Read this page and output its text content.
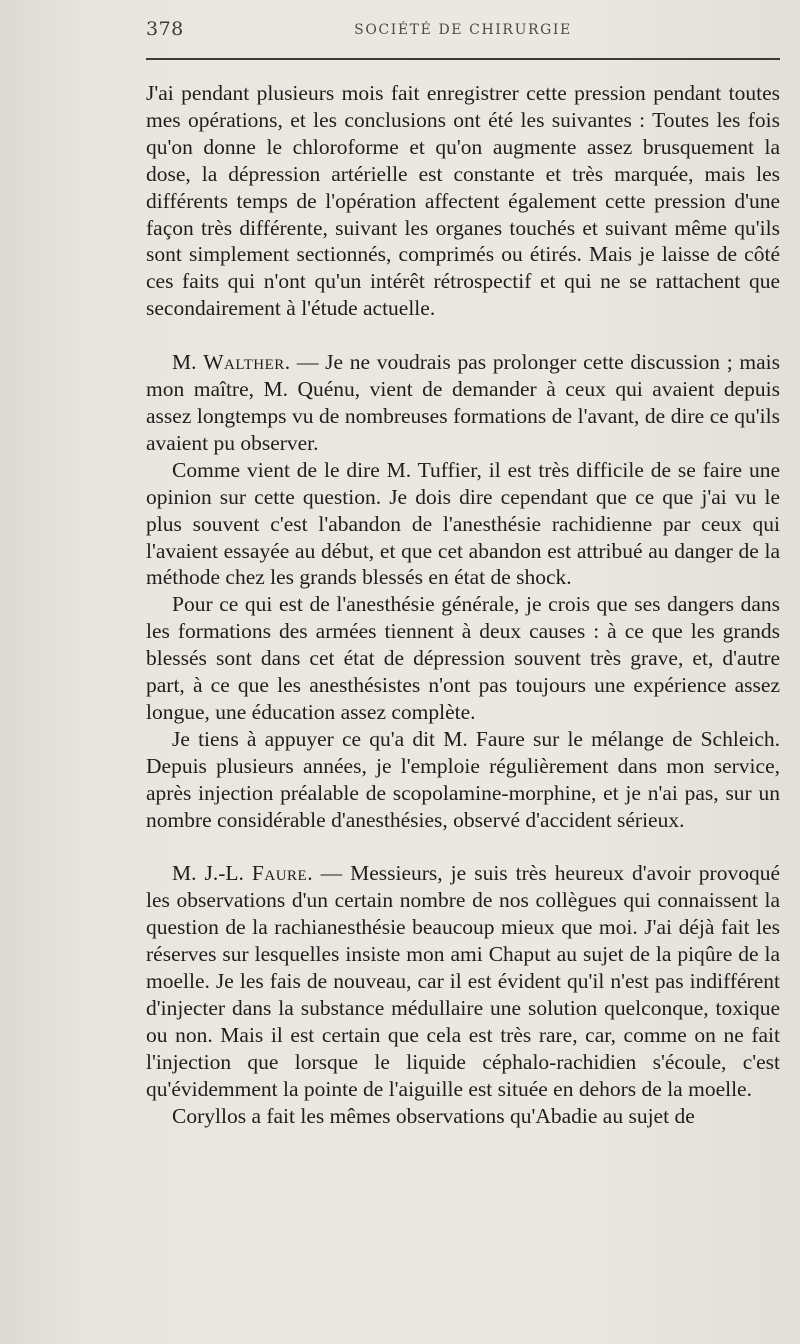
378	SOCIÉTÉ DE CHIRURGIE

J'ai pendant plusieurs mois fait enregistrer cette pression pendant toutes mes opérations, et les conclusions ont été les suivantes : Toutes les fois qu'on donne le chloroforme et qu'on augmente assez brusquement la dose, la dépression artérielle est constante et très marquée, mais les différents temps de l'opération affectent également cette pression d'une façon très différente, suivant les organes touchés et suivant même qu'ils sont simplement sectionnés, comprimés ou étirés. Mais je laisse de côté ces faits qui n'ont qu'un intérêt rétrospectif et qui ne se rattachent que secondairement à l'étude actuelle.

M. Walther. — Je ne voudrais pas prolonger cette discussion ; mais mon maître, M. Quénu, vient de demander à ceux qui avaient depuis assez longtemps vu de nombreuses formations de l'avant, de dire ce qu'ils avaient pu observer.

Comme vient de le dire M. Tuffier, il est très difficile de se faire une opinion sur cette question. Je dois dire cependant que ce que j'ai vu le plus souvent c'est l'abandon de l'anesthésie rachidienne par ceux qui l'avaient essayée au début, et que cet abandon est attribué au danger de la méthode chez les grands blessés en état de shock.

Pour ce qui est de l'anesthésie générale, je crois que ses dangers dans les formations des armées tiennent à deux causes : à ce que les grands blessés sont dans cet état de dépression souvent très grave, et, d'autre part, à ce que les anesthésistes n'ont pas toujours une expérience assez longue, une éducation assez complète.

Je tiens à appuyer ce qu'a dit M. Faure sur le mélange de Schleich. Depuis plusieurs années, je l'emploie régulièrement dans mon service, après injection préalable de scopolamine-morphine, et je n'ai pas, sur un nombre considérable d'anesthésies, observé d'accident sérieux.

M. J.-L. Faure. — Messieurs, je suis très heureux d'avoir provoqué les observations d'un certain nombre de nos collègues qui connaissent la question de la rachianesthésie beaucoup mieux que moi. J'ai déjà fait les réserves sur lesquelles insiste mon ami Chaput au sujet de la piqûre de la moelle. Je les fais de nouveau, car il est évident qu'il n'est pas indifférent d'injecter dans la substance médullaire une solution quelconque, toxique ou non. Mais il est certain que cela est très rare, car, comme on ne fait l'injection que lorsque le liquide céphalo-rachidien s'écoule, c'est qu'évidemment la pointe de l'aiguille est située en dehors de la moelle.

Coryllos a fait les mêmes observations qu'Abadie au sujet de
